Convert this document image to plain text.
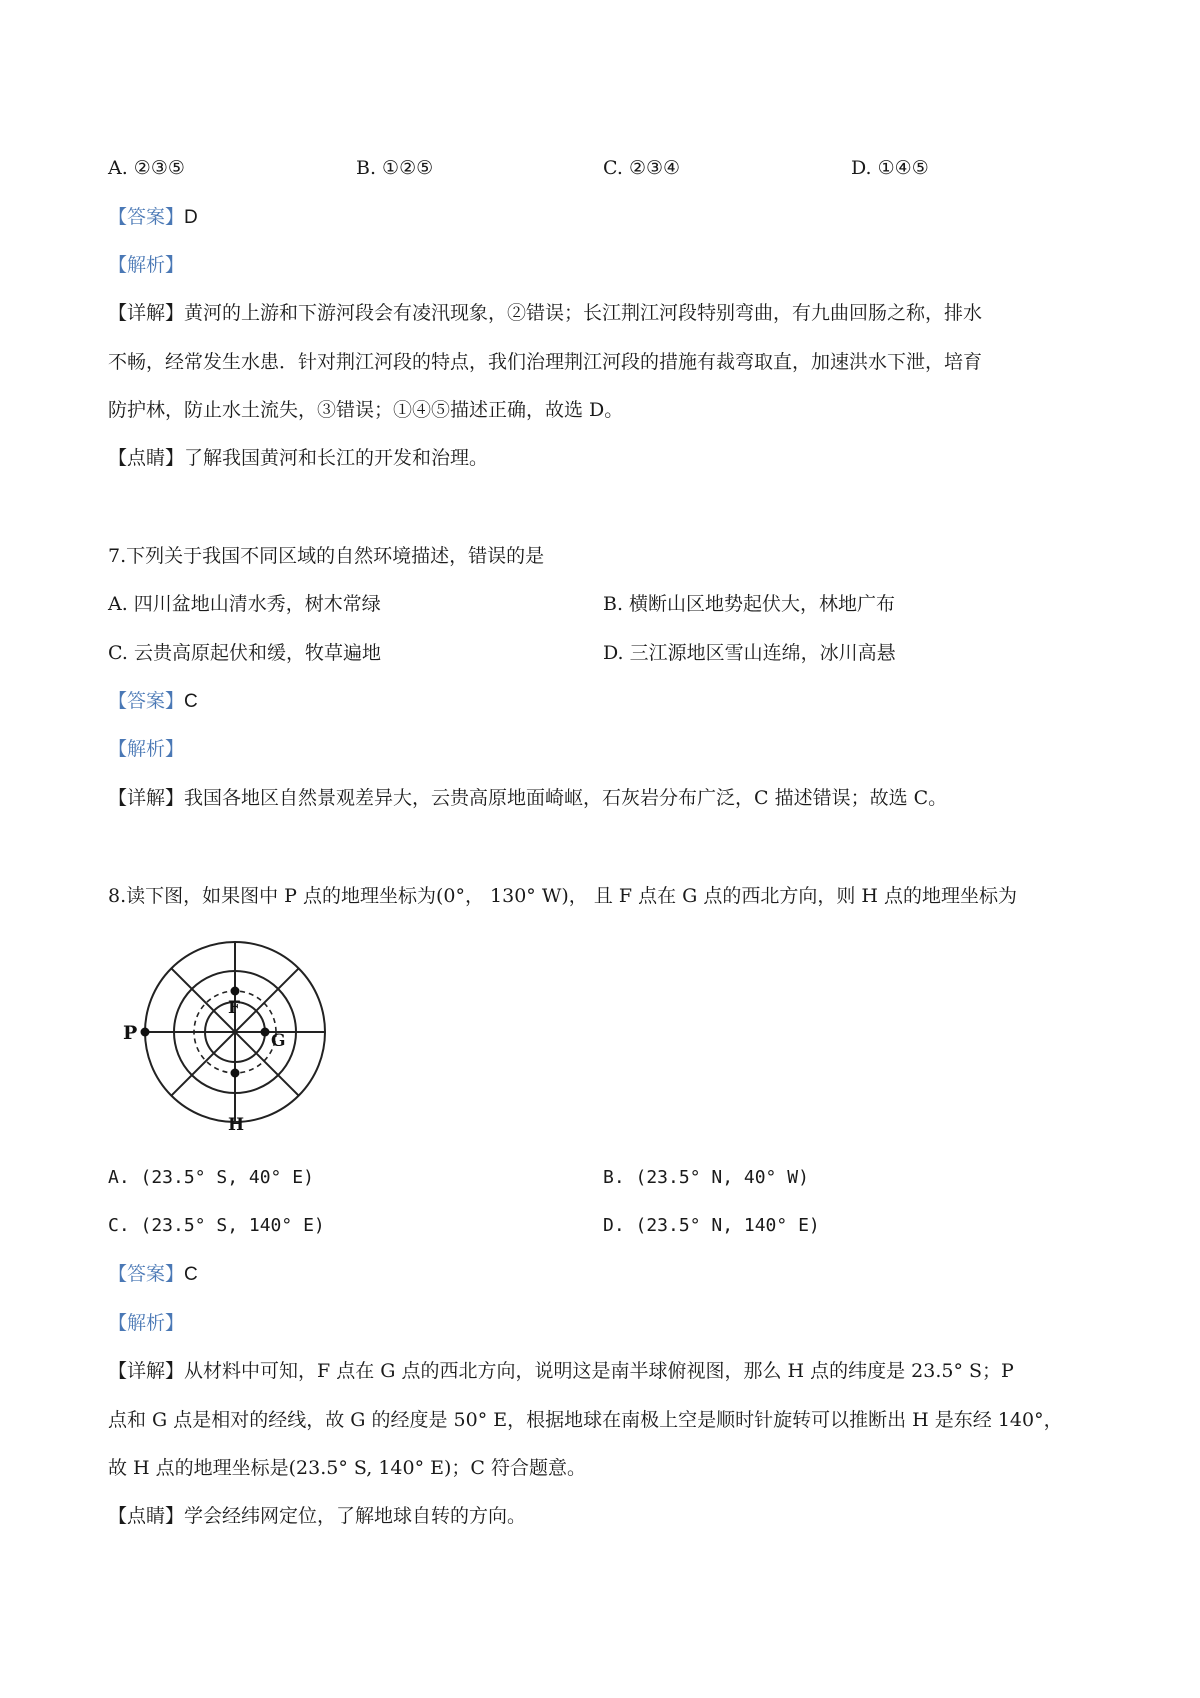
A. ②③⑤	B. ①②⑤	C. ②③④	D. ①④⑤
【答案】D
【解析】
【详解】黄河的上游和下游河段会有凌汛现象，②错误；长江荆江河段特别弯曲，有九曲回肠之称，排水
不畅，经常发生水患．针对荆江河段的特点，我们治理荆江河段的措施有裁弯取直，加速洪水下泄，培育
防护林，防止水土流失，③错误；①④⑤描述正确，故选 D。
【点睛】了解我国黄河和长江的开发和治理。
7.下列关于我国不同区域的自然环境描述，错误的是
A. 四川盆地山清水秀，树木常绿	B. 横断山区地势起伏大，林地广布
C. 云贵高原起伏和缓，牧草遍地	D. 三江源地区雪山连绵，冰川高悬
【答案】C
【解析】
【详解】我国各地区自然景观差异大，云贵高原地面崎岖，石灰岩分布广泛，C 描述错误；故选 C。
8.读下图，如果图中 P 点的地理坐标为(0°， 130° W)， 且 F 点在 G 点的西北方向，则 H 点的地理坐标为
P
F
G
H
A. (23.5° S, 40° E)	B. (23.5° N, 40° W)
C. (23.5° S, 140° E)	D. (23.5° N, 140° E)
【答案】C
【解析】
【详解】从材料中可知，F 点在 G 点的西北方向，说明这是南半球俯视图，那么 H 点的纬度是 23.5° S；P
点和 G 点是相对的经线，故 G 的经度是 50° E，根据地球在南极上空是顺时针旋转可以推断出 H 是东经 140°，
故 H 点的地理坐标是(23.5° S, 140° E)；C 符合题意。
【点睛】学会经纬网定位，了解地球自转的方向。
